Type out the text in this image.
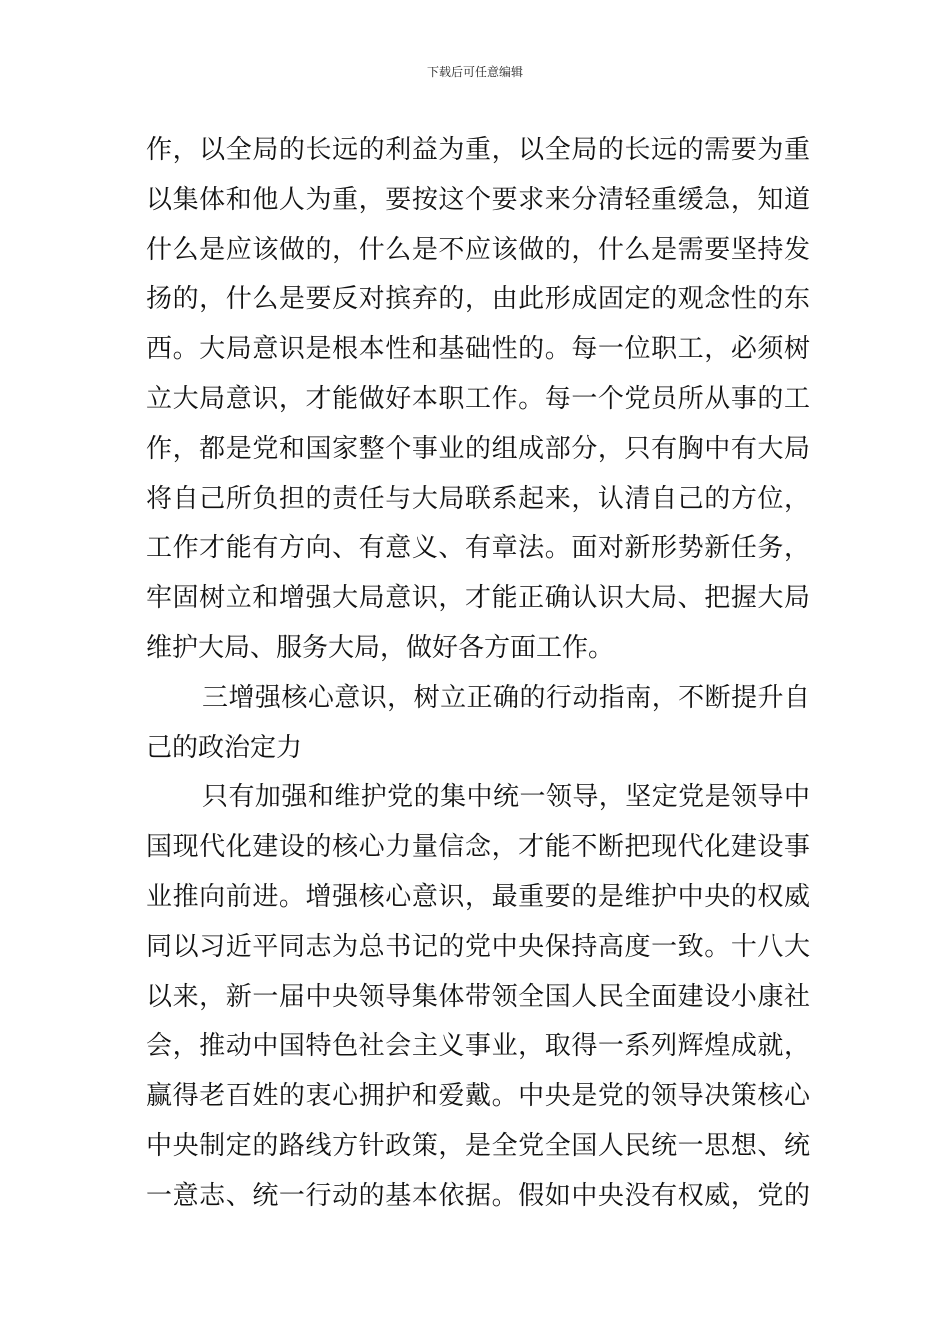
下载后可任意编辑
作，以全局的长远的利益为重，以全局的长远的需要为重
以集体和他人为重，要按这个要求来分清轻重缓急，知道
什么是应该做的，什么是不应该做的，什么是需要坚持发
扬的，什么是要反对摈弃的，由此形成固定的观念性的东
西。大局意识是根本性和基础性的。每一位职工，必须树
立大局意识，才能做好本职工作。每一个党员所从事的工
作，都是党和国家整个事业的组成部分，只有胸中有大局
将自己所负担的责任与大局联系起来，认清自己的方位，
工作才能有方向、有意义、有章法。面对新形势新任务，
牢固树立和增强大局意识，才能正确认识大局、把握大局
维护大局、服务大局，做好各方面工作。
三增强核心意识，树立正确的行动指南，不断提升自
己的政治定力
只有加强和维护党的集中统一领导，坚定党是领导中
国现代化建设的核心力量信念，才能不断把现代化建设事
业推向前进。增强核心意识，最重要的是维护中央的权威
同以习近平同志为总书记的党中央保持高度一致。十八大
以来，新一届中央领导集体带领全国人民全面建设小康社
会，推动中国特色社会主义事业，取得一系列辉煌成就，
赢得老百姓的衷心拥护和爱戴。中央是党的领导决策核心
中央制定的路线方针政策，是全党全国人民统一思想、统
一意志、统一行动的基本依据。假如中央没有权威，党的
